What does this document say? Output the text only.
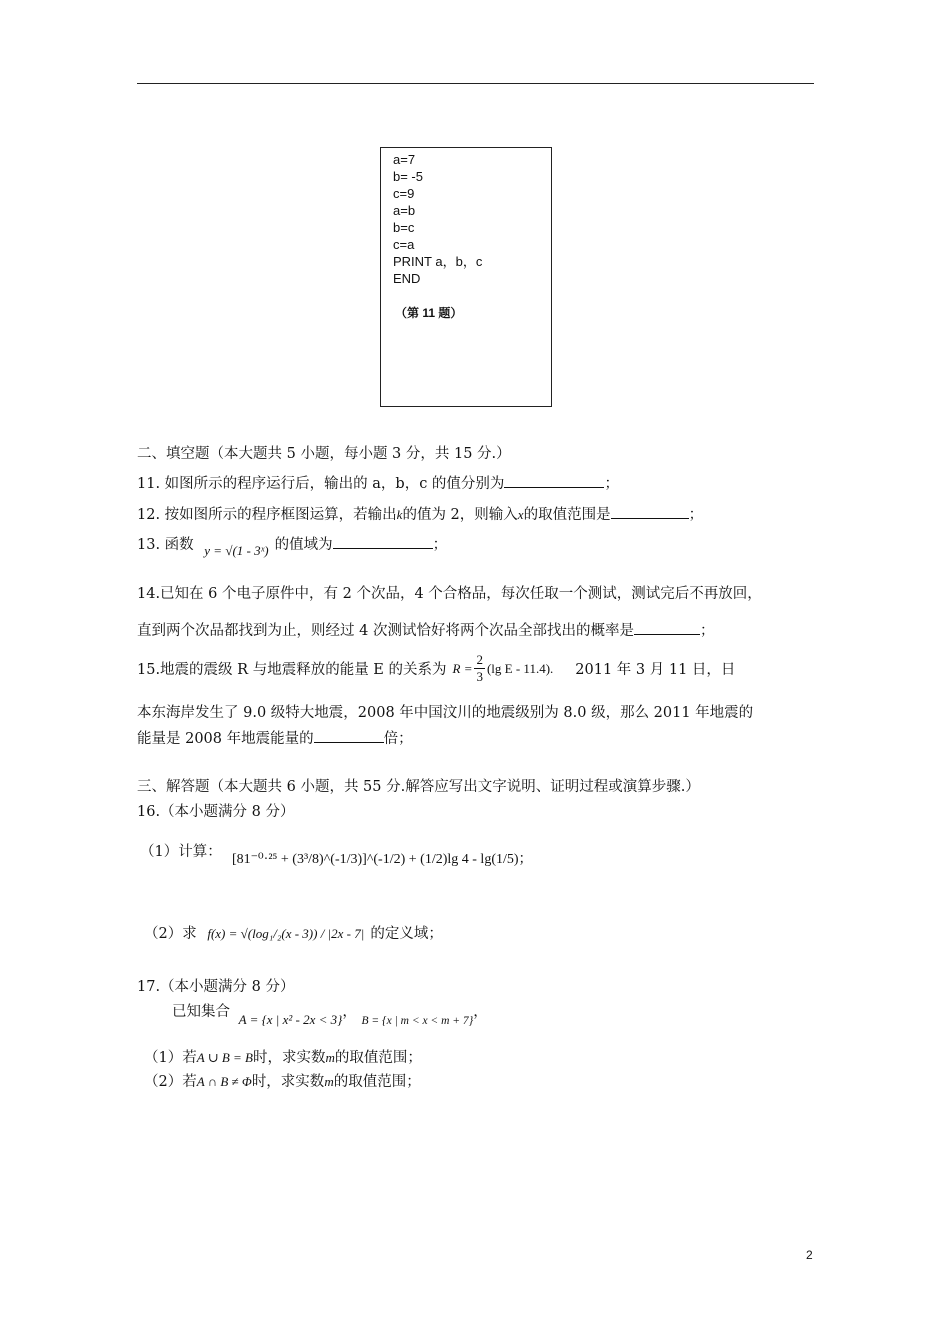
a=7
b= -5
c=9
a=b
b=c
c=a
PRINT a，b，c
END
（第 11 题）
二、填空题（本大题共 5 小题，每小题 3 分，共 15 分.）
11. 如图所示的程序运行后，输出的 a，b，c 的值分别为	；
12. 按如图所示的程序框图运算，若输出k的值为 2，则输入x的取值范围是	；
13. 函数 y = √(1 - 3ˣ) 的值域为	；
14.已知在 6 个电子原件中，有 2 个次品，4 个合格品，每次任取一个测试，测试完后不再放回，
直到两个次品都找到为止，则经过 4 次测试恰好将两个次品全部找出的概率是	；
15.地震的震级 R 与地震释放的能量 E 的关系为 $R = \frac{2}{3} (\lg$ E - 11.4). 2011 年 3 月 11 日，日
本东海岸发生了 9.0 级特大地震，2008 年中国汶川的地震级别为 8.0 级，那么 2011 年地震的
能量是 2008 年地震能量的	倍；
三、解答题（本大题共 6 小题，共 55 分.解答应写出文字说明、证明过程或演算步骤.）
16.（本小题满分 8 分）
（1）计算： [81⁻⁰·²⁵ + (3³/8)^(-1/3)]^(-1/2) + (1/2)lg 4 - lg(1/5)；
（2）求 f(x) = √(log₁/₂(x - 3)) / |2x - 7| 的定义域；
17.（本小题满分 8 分）
已知集合 A = {x | x² - 2x < 3}， $_{B = \{x | m < x < m + 7\}}$，
（1）若A ∪ B = B时，求实数m的取值范围；
（2）若A ∩ B ≠ Φ时，求实数m的取值范围；
2
